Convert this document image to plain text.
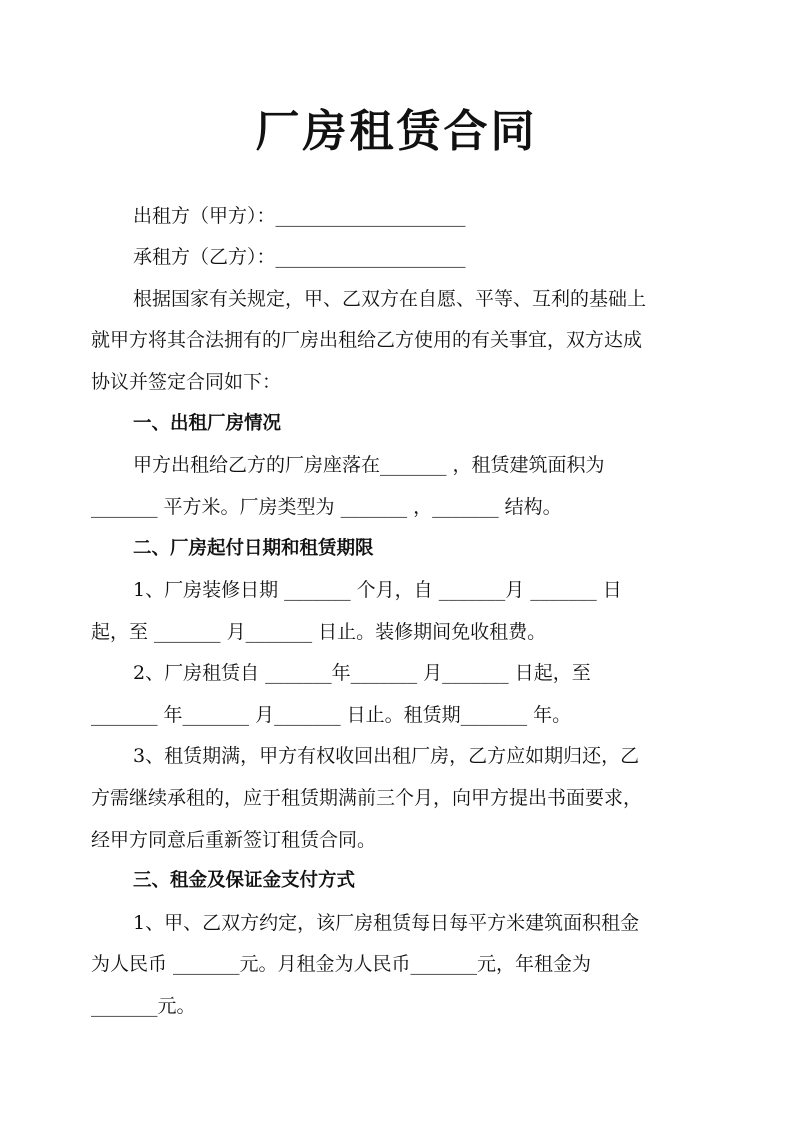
厂房租赁合同

出租方（甲方）：____________________

承租方（乙方）：____________________

根据国家有关规定，甲、乙双方在自愿、平等、互利的基础上

就甲方将其合法拥有的厂房出租给乙方使用的有关事宜，双方达成

协议并签定合同如下：

一、出租厂房情况

甲方出租给乙方的厂房座落在_______ ，租赁建筑面积为

_______ 平方米。厂房类型为 _______ ，_______ 结构。

二、厂房起付日期和租赁期限

1、厂房装修日期 _______ 个月，自 _______月 _______ 日

起，至 _______ 月_______ 日止。装修期间免收租费。

2、厂房租赁自 _______年_______ 月_______ 日起，至

_______ 年_______ 月_______ 日止。租赁期_______ 年。

3、租赁期满，甲方有权收回出租厂房，乙方应如期归还，乙

方需继续承租的，应于租赁期满前三个月，向甲方提出书面要求，

经甲方同意后重新签订租赁合同。

三、租金及保证金支付方式

1、甲、乙双方约定，该厂房租赁每日每平方米建筑面积租金

为人民币 _______元。月租金为人民币_______元，年租金为

_______元。
